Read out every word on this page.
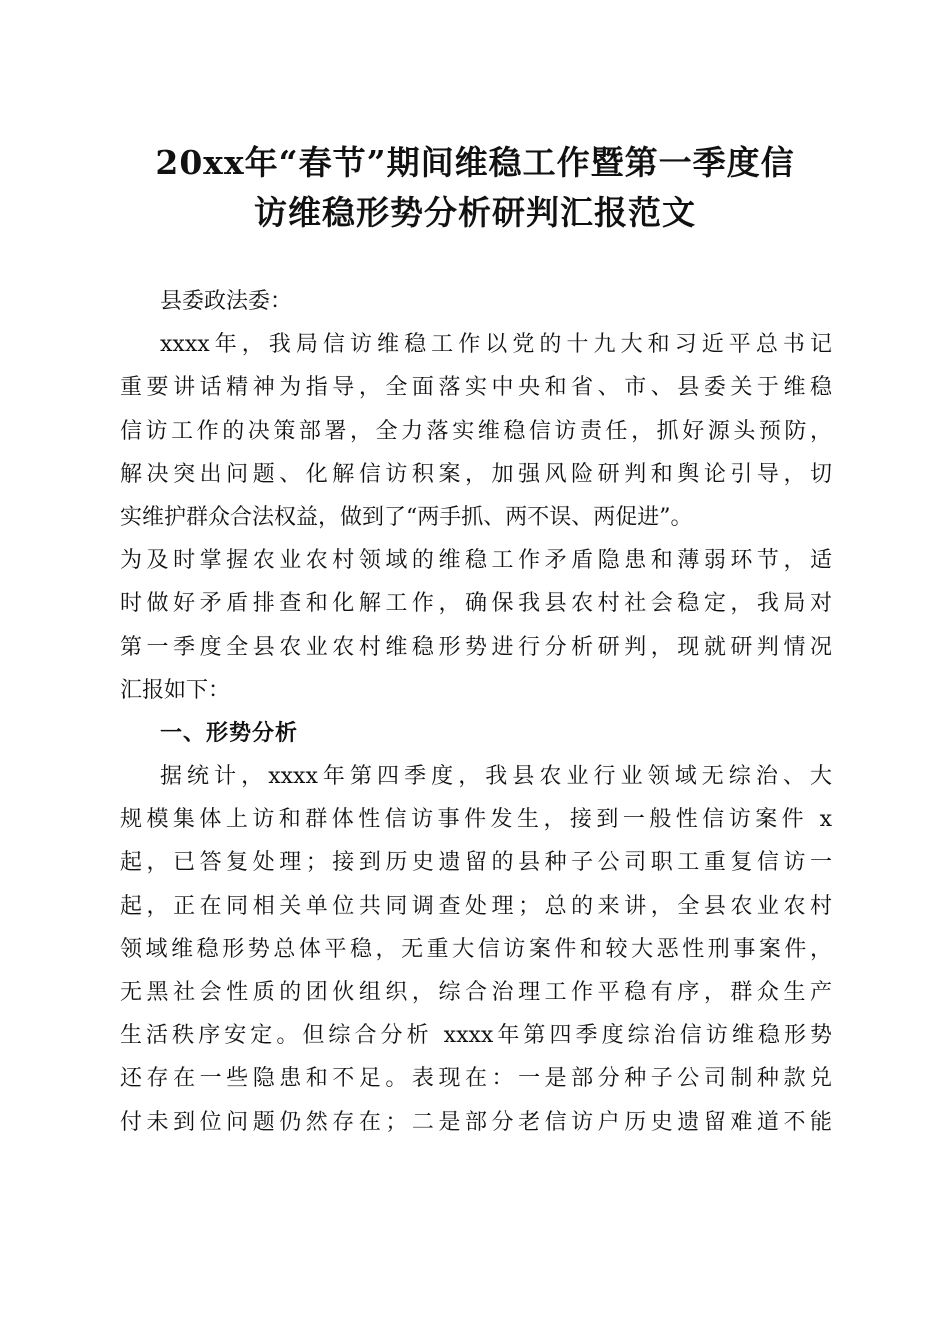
20xx年“春节”期间维稳工作暨第一季度信
访维稳形势分析研判汇报范文
县委政法委：
xxxx年，我局信访维稳工作以党的十九大和习近平总书记
重要讲话精神为指导，全面落实中央和省、市、县委关于维稳
信访工作的决策部署，全力落实维稳信访责任，抓好源头预防，
解决突出问题、化解信访积案，加强风险研判和舆论引导，切
实维护群众合法权益，做到了“两手抓、两不误、两促进”。
为及时掌握农业农村领域的维稳工作矛盾隐患和薄弱环节，适
时做好矛盾排查和化解工作，确保我县农村社会稳定，我局对
第一季度全县农业农村维稳形势进行分析研判，现就研判情况
汇报如下：
一、形势分析
据统计，xxxx年第四季度，我县农业行业领域无综治、大
规模集体上访和群体性信访事件发生，接到一般性信访案件 x
起，已答复处理；接到历史遗留的县种子公司职工重复信访一
起，正在同相关单位共同调查处理；总的来讲，全县农业农村
领域维稳形势总体平稳，无重大信访案件和较大恶性刑事案件，
无黑社会性质的团伙组织，综合治理工作平稳有序，群众生产
生活秩序安定。但综合分析 xxxx年第四季度综治信访维稳形势
还存在一些隐患和不足。表现在：一是部分种子公司制种款兑
付未到位问题仍然存在；二是部分老信访户历史遗留难道不能
